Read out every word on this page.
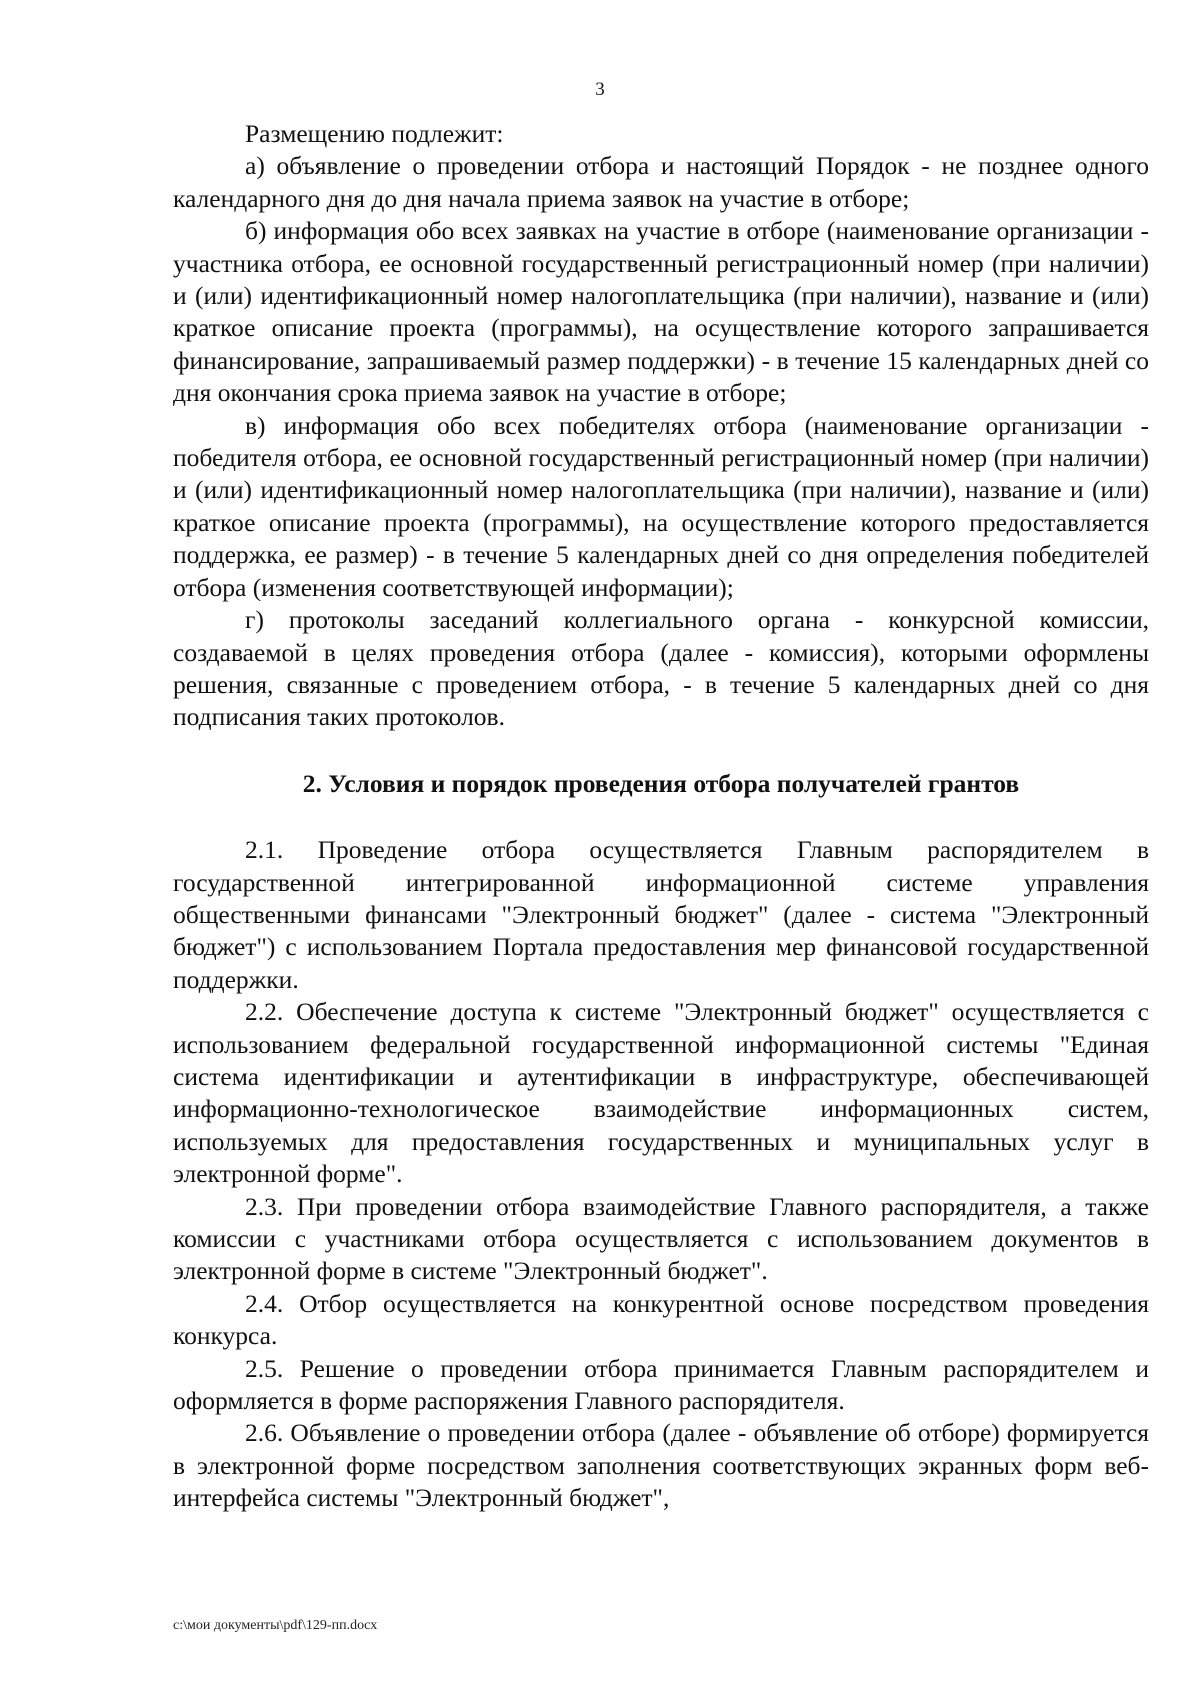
3

Размещению подлежит:

а) объявление о проведении отбора и настоящий Порядок - не позднее одного календарного дня до дня начала приема заявок на участие в отборе;

б) информация обо всех заявках на участие в отборе (наименование организации - участника отбора, ее основной государственный регистрационный номер (при наличии) и (или) идентификационный номер налогоплательщика (при наличии), название и (или) краткое описание проекта (программы), на осуществление которого запрашивается финансирование, запрашиваемый размер поддержки) - в течение 15 календарных дней со дня окончания срока приема заявок на участие в отборе;

в) информация обо всех победителях отбора (наименование организации - победителя отбора, ее основной государственный регистрационный номер (при наличии) и (или) идентификационный номер налогоплательщика (при наличии), название и (или) краткое описание проекта (программы), на осуществление которого предоставляется поддержка, ее размер) - в течение 5 календарных дней со дня определения победителей отбора (изменения соответствующей информации);

г) протоколы заседаний коллегиального органа - конкурсной комиссии, создаваемой в целях проведения отбора (далее - комиссия), которыми оформлены решения, связанные с проведением отбора, - в течение 5 календарных дней со дня подписания таких протоколов.

2. Условия и порядок проведения отбора получателей грантов

2.1. Проведение отбора осуществляется Главным распорядителем в государственной интегрированной информационной системе управления общественными финансами "Электронный бюджет" (далее - система "Электронный бюджет") с использованием Портала предоставления мер финансовой государственной поддержки.

2.2. Обеспечение доступа к системе "Электронный бюджет" осуществляется с использованием федеральной государственной информационной системы "Единая система идентификации и аутентификации в инфраструктуре, обеспечивающей информационно-технологическое взаимодействие информационных систем, используемых для предоставления государственных и муниципальных услуг в электронной форме".

2.3. При проведении отбора взаимодействие Главного распорядителя, а также комиссии с участниками отбора осуществляется с использованием документов в электронной форме в системе "Электронный бюджет".

2.4. Отбор осуществляется на конкурентной основе посредством проведения конкурса.

2.5. Решение о проведении отбора принимается Главным распорядителем и оформляется в форме распоряжения Главного распорядителя.

2.6. Объявление о проведении отбора (далее - объявление об отборе) формируется в электронной форме посредством заполнения соответствующих экранных форм веб-интерфейса системы "Электронный бюджет",

c:\мои документы\pdf\129-пп.docx
